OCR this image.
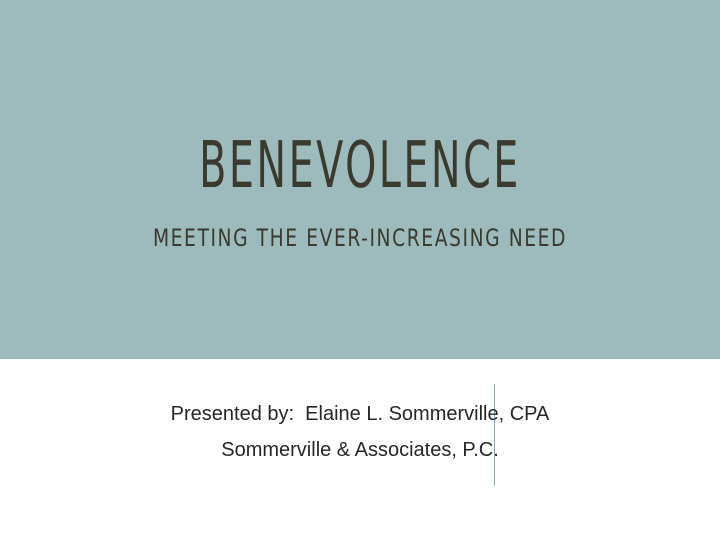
BENEVOLENCE
MEETING THE EVER-INCREASING NEED
Presented by:  Elaine L. Sommerville, CPA
Sommerville & Associates, P.C.
